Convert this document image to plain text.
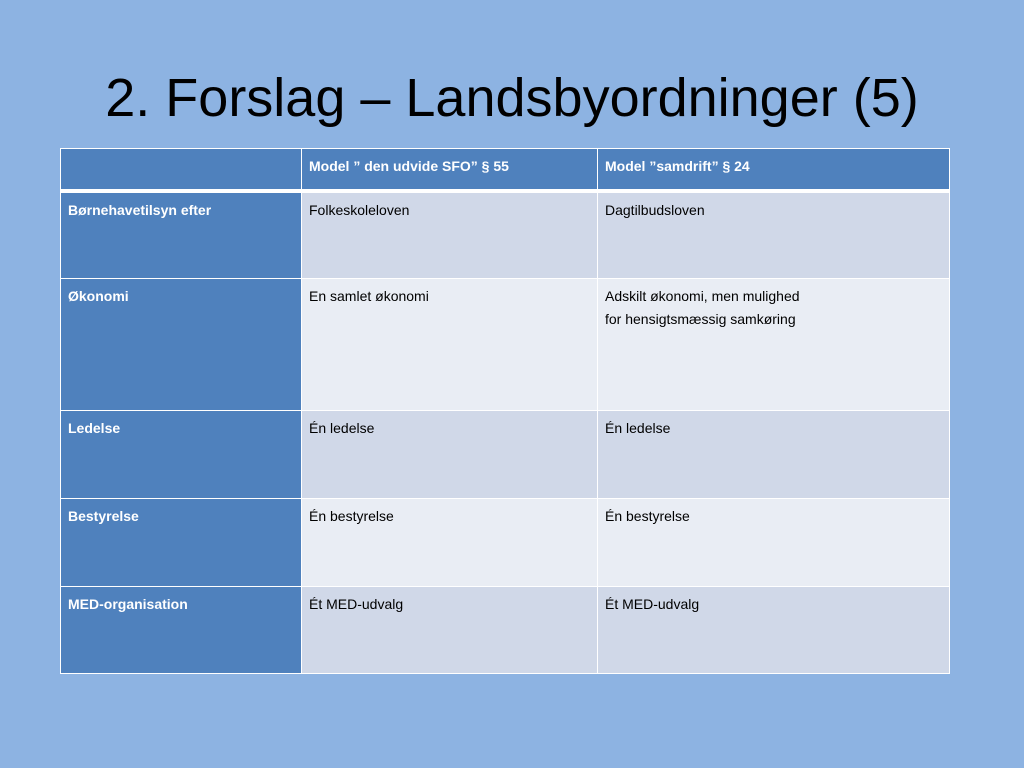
2. Forslag – Landsbyordninger (5)
	Model ” den udvide SFO” § 55	Model ”samdrift” § 24
Børnehavetilsyn efter	Folkeskoleloven	Dagtilbudsloven

Økonomi	En samlet økonomi	Adskilt økonomi, men mulighed
for hensigtsmæssig samkøring

Ledelse	Én ledelse	Én ledelse

Bestyrelse	Én bestyrelse	Én bestyrelse

MED-organisation	Ét MED-udvalg	Ét MED-udvalg
